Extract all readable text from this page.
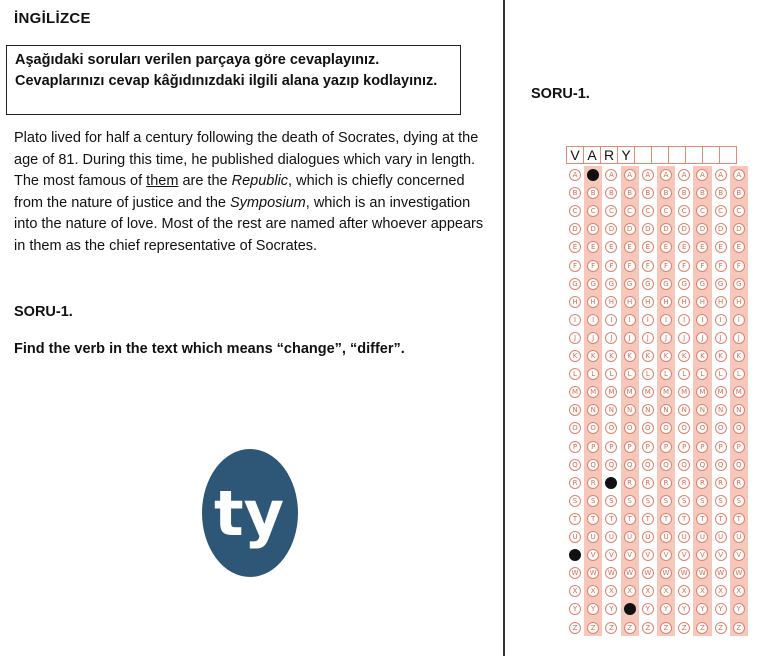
İNGİLİZCE
Aşağıdaki soruları verilen parçaya göre cevaplayınız. Cevaplarınızı cevap kâğıdınızdaki ilgili alana yazıp kodlayınız.
Plato lived for half a century following the death of Socrates, dying at the age of 81. During this time, he published dialogues which vary in length. The most famous of them are the Republic, which is chiefly concerned from the nature of justice and the Symposium, which is an investigation into the nature of love. Most of the rest are named after whoever appears in them as the chief representative of Socrates.
SORU-1.
Find the verb in the text which means “change”, “differ”.
ty
SORU-1.
V A R Y
A
B
C
D
E
F
G
H
I
J
K
L
M
N
O
P
Q
R
S
T
U
V
W
X
Y
Z
A
B
C
D
E
F
G
H
I
J
K
L
M
N
O
P
Q
R
S
T
U
V
W
X
Y
Z
A
B
C
D
E
F
G
H
I
J
K
L
M
N
O
P
Q
R
S
T
U
V
W
X
Y
Z
A
B
C
D
E
F
G
H
I
J
K
L
M
N
O
P
Q
R
S
T
U
V
W
X
Y
Z
A
B
C
D
E
F
G
H
I
J
K
L
M
N
O
P
Q
R
S
T
U
V
W
X
Y
Z
A
B
C
D
E
F
G
H
I
J
K
L
M
N
O
P
Q
R
S
T
U
V
W
X
Y
Z
A
B
C
D
E
F
G
H
I
J
K
L
M
N
O
P
Q
R
S
T
U
V
W
X
Y
Z
A
B
C
D
E
F
G
H
I
J
K
L
M
N
O
P
Q
R
S
T
U
V
W
X
Y
Z
A
B
C
D
E
F
G
H
I
J
K
L
M
N
O
P
Q
R
S
T
U
V
W
X
Y
Z
A
B
C
D
E
F
G
H
I
J
K
L
M
N
O
P
Q
R
S
T
U
V
W
X
Y
Z
